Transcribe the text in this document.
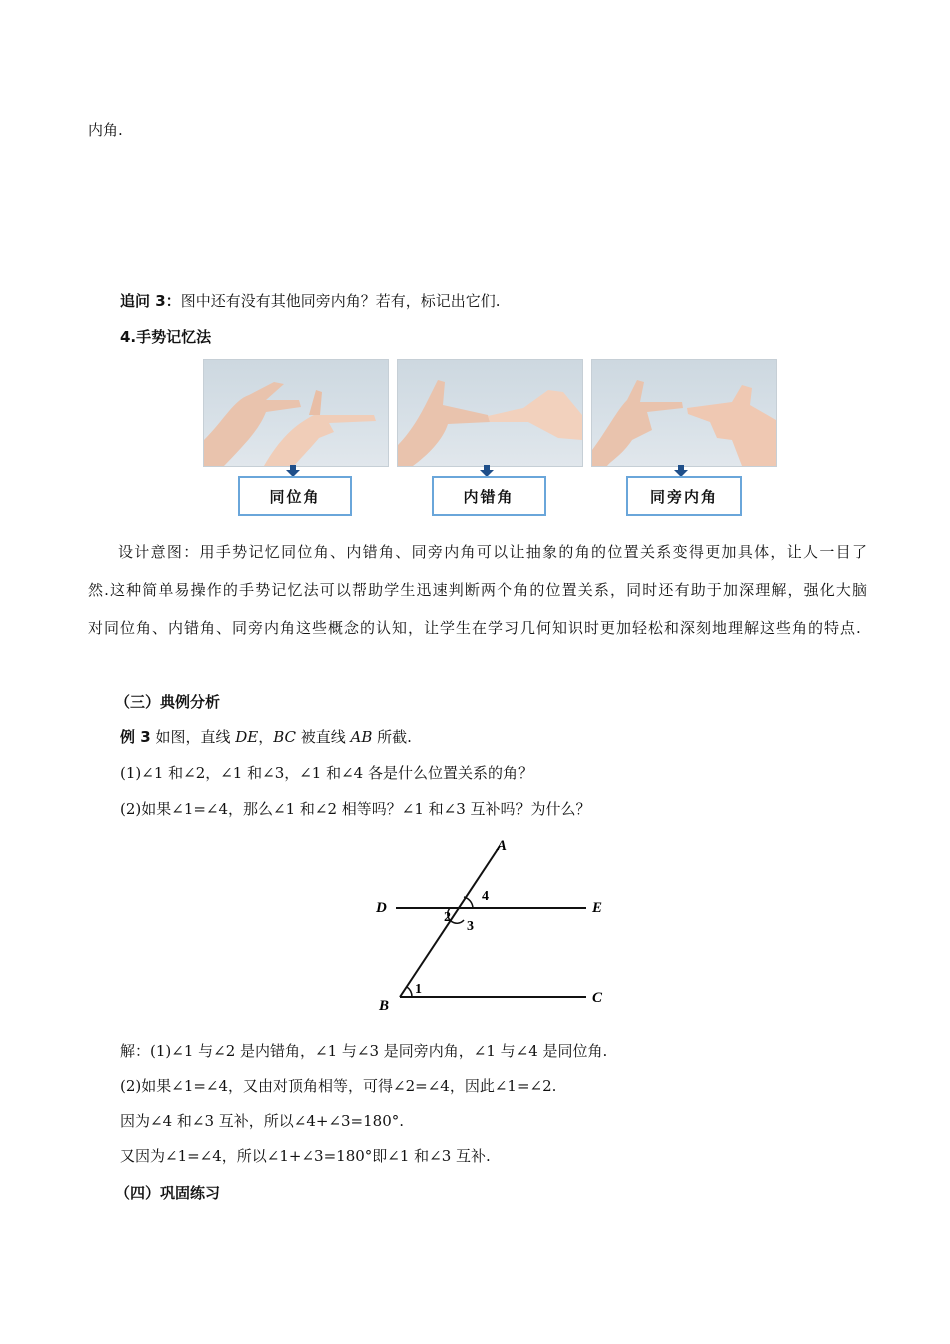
内角.
追问 3：图中还有没有其他同旁内角？若有，标记出它们.
4.手势记忆法
同位角	内错角	同旁内角
设计意图：用手势记忆同位角、内错角、同旁内角可以让抽象的角的位置关系变得更加具体，让人一目了然.这种简单易操作的手势记忆法可以帮助学生迅速判断两个角的位置关系，同时还有助于加深理解，强化大脑对同位角、内错角、同旁内角这些概念的认知，让学生在学习几何知识时更加轻松和深刻地理解这些角的特点.
（三）典例分析
例 3 如图，直线 DE，BC 被直线 AB 所截.
(1)∠1 和∠2，∠1 和∠3，∠1 和∠4 各是什么位置关系的角？
(2)如果∠1=∠4，那么∠1 和∠2 相等吗？∠1 和∠3 互补吗？为什么？
A
D	E
B	C
1
2
3
4
解：(1)∠1 与∠2 是内错角，∠1 与∠3 是同旁内角，∠1 与∠4 是同位角.
(2)如果∠1=∠4，又由对顶角相等，可得∠2=∠4，因此∠1=∠2.
因为∠4 和∠3 互补，所以∠4+∠3=180°.
又因为∠1=∠4，所以∠1+∠3=180°即∠1 和∠3 互补.
（四）巩固练习
